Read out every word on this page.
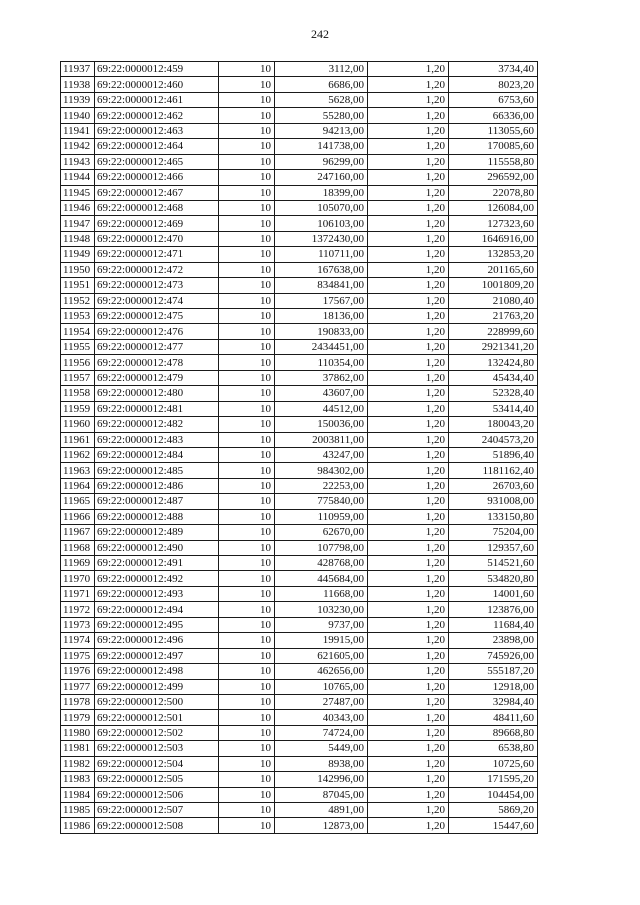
242
11937	69:22:0000012:459	10	3112,00	1,20	3734,40
11938	69:22:0000012:460	10	6686,00	1,20	8023,20
11939	69:22:0000012:461	10	5628,00	1,20	6753,60
11940	69:22:0000012:462	10	55280,00	1,20	66336,00
11941	69:22:0000012:463	10	94213,00	1,20	113055,60
11942	69:22:0000012:464	10	141738,00	1,20	170085,60
11943	69:22:0000012:465	10	96299,00	1,20	115558,80
11944	69:22:0000012:466	10	247160,00	1,20	296592,00
11945	69:22:0000012:467	10	18399,00	1,20	22078,80
11946	69:22:0000012:468	10	105070,00	1,20	126084,00
11947	69:22:0000012:469	10	106103,00	1,20	127323,60
11948	69:22:0000012:470	10	1372430,00	1,20	1646916,00
11949	69:22:0000012:471	10	110711,00	1,20	132853,20
11950	69:22:0000012:472	10	167638,00	1,20	201165,60
11951	69:22:0000012:473	10	834841,00	1,20	1001809,20
11952	69:22:0000012:474	10	17567,00	1,20	21080,40
11953	69:22:0000012:475	10	18136,00	1,20	21763,20
11954	69:22:0000012:476	10	190833,00	1,20	228999,60
11955	69:22:0000012:477	10	2434451,00	1,20	2921341,20
11956	69:22:0000012:478	10	110354,00	1,20	132424,80
11957	69:22:0000012:479	10	37862,00	1,20	45434,40
11958	69:22:0000012:480	10	43607,00	1,20	52328,40
11959	69:22:0000012:481	10	44512,00	1,20	53414,40
11960	69:22:0000012:482	10	150036,00	1,20	180043,20
11961	69:22:0000012:483	10	2003811,00	1,20	2404573,20
11962	69:22:0000012:484	10	43247,00	1,20	51896,40
11963	69:22:0000012:485	10	984302,00	1,20	1181162,40
11964	69:22:0000012:486	10	22253,00	1,20	26703,60
11965	69:22:0000012:487	10	775840,00	1,20	931008,00
11966	69:22:0000012:488	10	110959,00	1,20	133150,80
11967	69:22:0000012:489	10	62670,00	1,20	75204,00
11968	69:22:0000012:490	10	107798,00	1,20	129357,60
11969	69:22:0000012:491	10	428768,00	1,20	514521,60
11970	69:22:0000012:492	10	445684,00	1,20	534820,80
11971	69:22:0000012:493	10	11668,00	1,20	14001,60
11972	69:22:0000012:494	10	103230,00	1,20	123876,00
11973	69:22:0000012:495	10	9737,00	1,20	11684,40
11974	69:22:0000012:496	10	19915,00	1,20	23898,00
11975	69:22:0000012:497	10	621605,00	1,20	745926,00
11976	69:22:0000012:498	10	462656,00	1,20	555187,20
11977	69:22:0000012:499	10	10765,00	1,20	12918,00
11978	69:22:0000012:500	10	27487,00	1,20	32984,40
11979	69:22:0000012:501	10	40343,00	1,20	48411,60
11980	69:22:0000012:502	10	74724,00	1,20	89668,80
11981	69:22:0000012:503	10	5449,00	1,20	6538,80
11982	69:22:0000012:504	10	8938,00	1,20	10725,60
11983	69:22:0000012:505	10	142996,00	1,20	171595,20
11984	69:22:0000012:506	10	87045,00	1,20	104454,00
11985	69:22:0000012:507	10	4891,00	1,20	5869,20
11986	69:22:0000012:508	10	12873,00	1,20	15447,60
